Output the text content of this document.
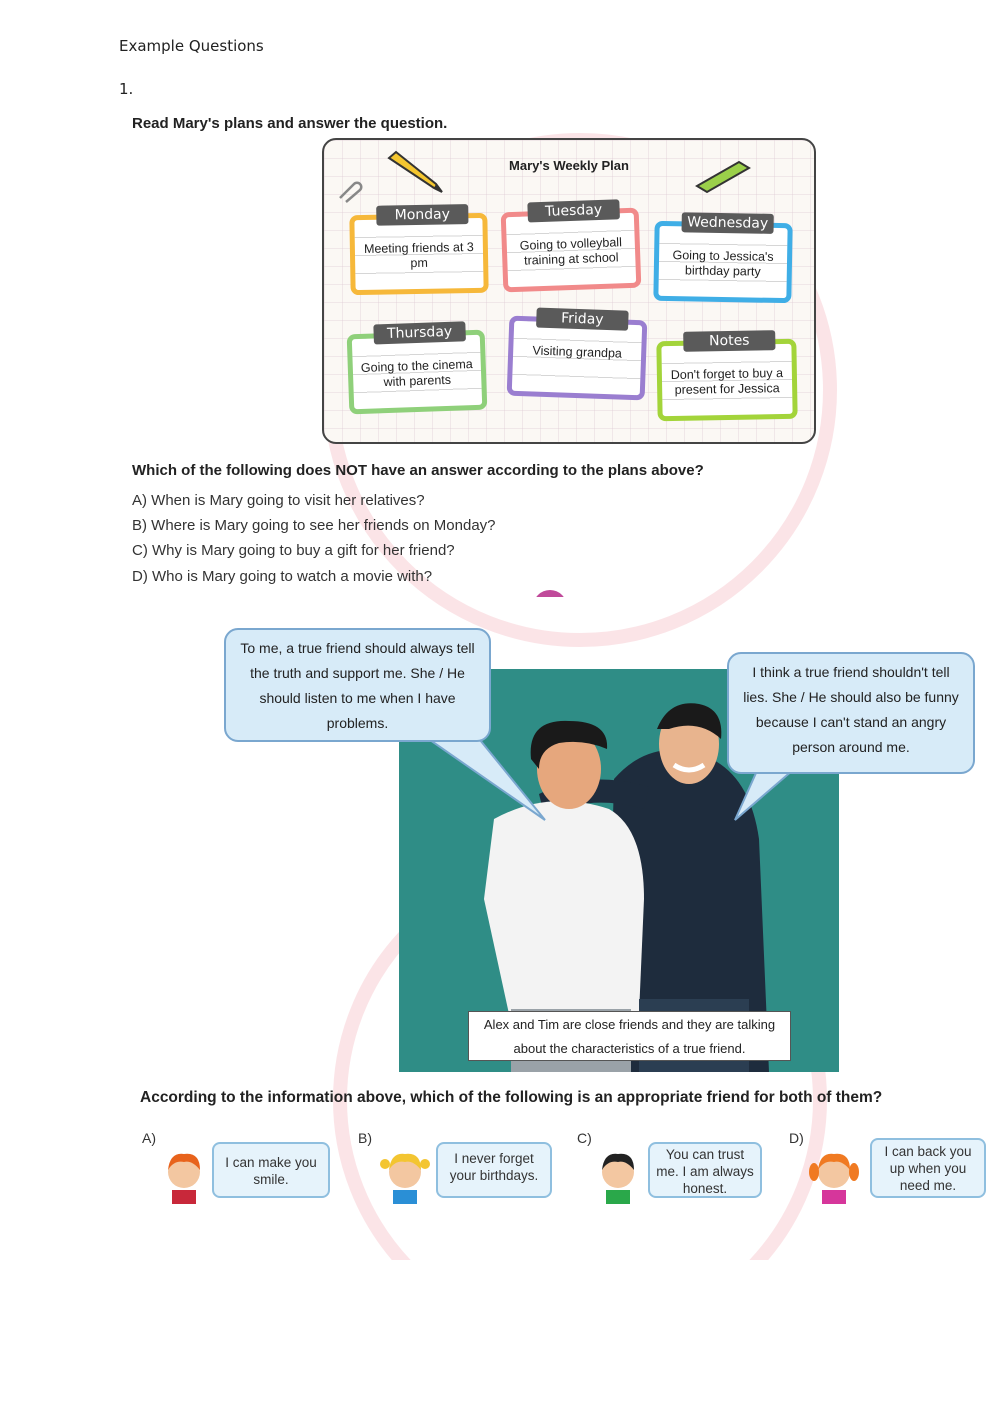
Example Questions
1.
Read Mary's plans and answer the question.
Mary's Weekly Plan
Monday
Meeting friends at 3 pm
Tuesday
Going to volleyball training at school
Wednesday
Going to Jessica's birthday party
Thursday
Going to the cinema with parents
Friday
Visiting grandpa
Notes
Don't forget to buy a present for Jessica
Which of the following does NOT have an answer according to the plans above?
A) When is Mary going to visit her relatives?
B) Where is Mary going to see her friends on Monday?
C) Why is Mary going to buy a gift for her friend?
D) Who is Mary going to watch a movie with?
To me, a true friend should always tell the truth and support me. She / He should listen to me when I have problems.
I think a true friend shouldn't tell lies. She / He should also be funny because I can't stand an angry person around me.
Alex and Tim are close friends and they are talking about the characteristics of a true friend.
According to the information above, which of the following is an appropriate friend for both of them?
A)
I can make you smile.
B)
I never forget your birthdays.
C)
You can trust me. I am always honest.
D)
I can back you up when you need me.
